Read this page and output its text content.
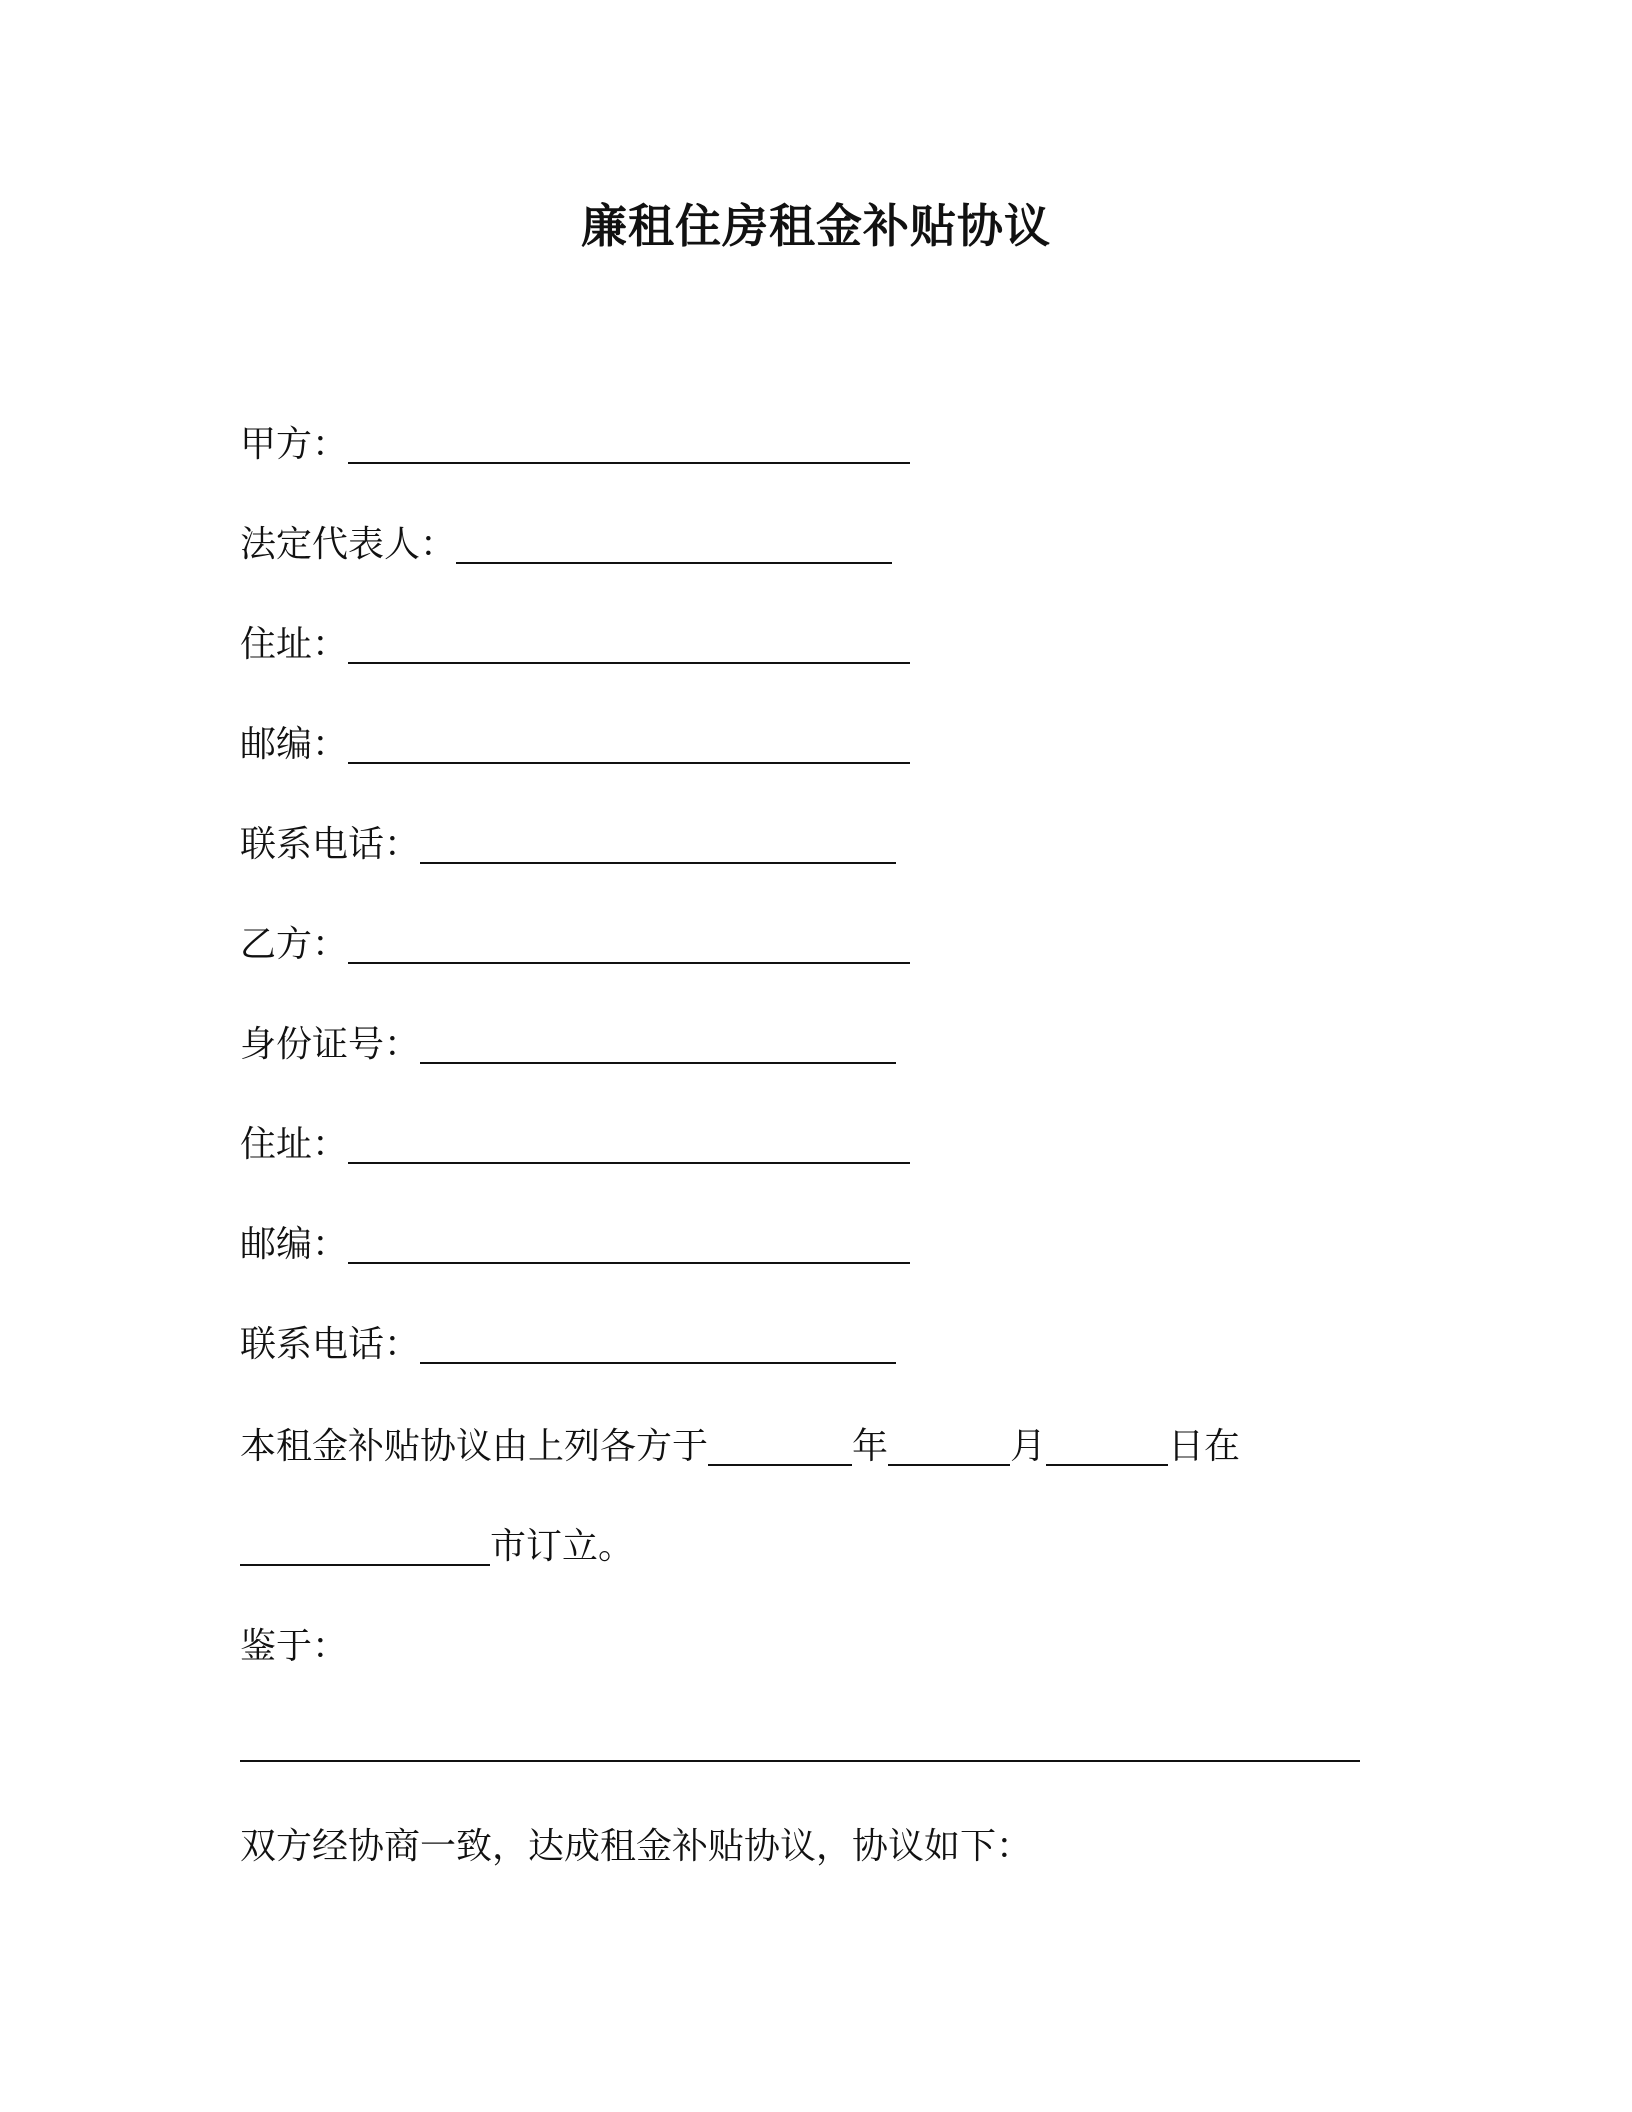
廉租住房租金补贴协议
甲方：
法定代表人：
住址：
邮编：
联系电话：
乙方：
身份证号：
住址：
邮编：
联系电话：
本租金补贴协议由上列各方于	年	月	日在
市订立。
鉴于：
双方经协商一致，达成租金补贴协议，协议如下：
